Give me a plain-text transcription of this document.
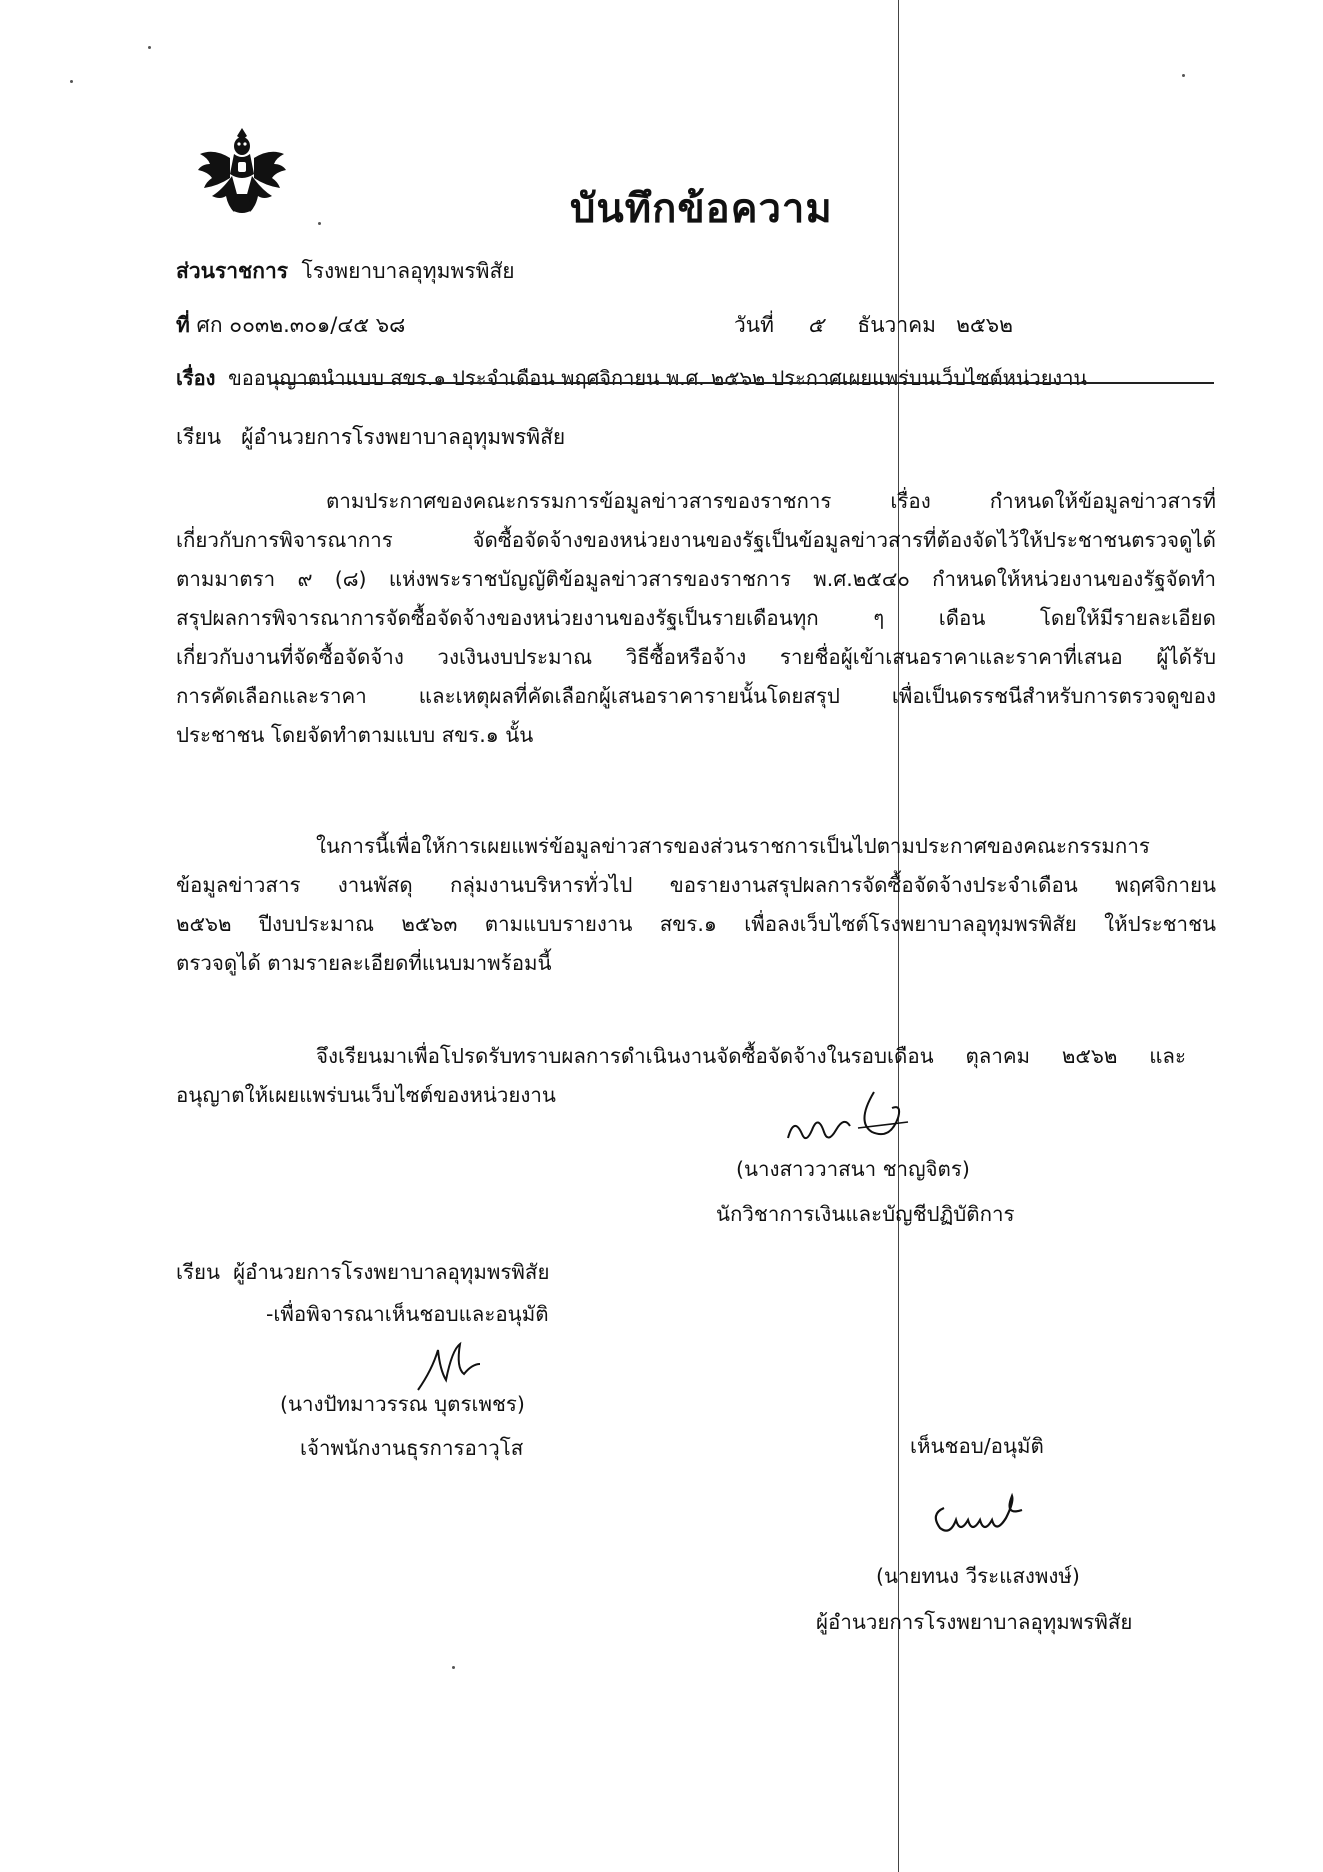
บันทึกข้อความ
ส่วนราชการ โรงพยาบาลอุทุมพรพิสัย
ที่ ศก ๐๐๓๒.๓๐๑/๔๕ ๖๘	วันที่ ๕ ธันวาคม ๒๕๖๒
เรื่อง ขออนุญาตนำแบบ สขร.๑ ประจำเดือน พฤศจิกายน พ.ศ. ๒๕๖๒ ประกาศเผยแพร่บนเว็บไซต์หน่วยงาน
เรียน ผู้อำนวยการโรงพยาบาลอุทุมพรพิสัย

ตามประกาศของคณะกรรมการข้อมูลข่าวสารของราชการ เรื่อง กำหนดให้ข้อมูลข่าวสารที่

เกี่ยวกับการพิจารณาการ จัดซื้อจัดจ้างของหน่วยงานของรัฐเป็นข้อมูลข่าวสารที่ต้องจัดไว้ให้ประชาชนตรวจดูได้

ตามมาตรา ๙ (๘) แห่งพระราชบัญญัติข้อมูลข่าวสารของราชการ พ.ศ.๒๕๔๐ กำหนดให้หน่วยงานของรัฐจัดทำ

สรุปผลการพิจารณาการจัดซื้อจัดจ้างของหน่วยงานของรัฐเป็นรายเดือนทุก ๆ เดือน โดยให้มีรายละเอียด

เกี่ยวกับงานที่จัดซื้อจัดจ้าง วงเงินงบประมาณ วิธีซื้อหรือจ้าง รายชื่อผู้เข้าเสนอราคาและราคาที่เสนอ ผู้ได้รับ

การคัดเลือกและราคา และเหตุผลที่คัดเลือกผู้เสนอราคารายนั้นโดยสรุป เพื่อเป็นดรรชนีสำหรับการตรวจดูของ

ประชาชน โดยจัดทำตามแบบ สขร.๑ นั้น

ในการนี้เพื่อให้การเผยแพร่ข้อมูลข่าวสารของส่วนราชการเป็นไปตามประกาศของคณะกรรมการ

ข้อมูลข่าวสาร งานพัสดุ กลุ่มงานบริหารทั่วไป ขอรายงานสรุปผลการจัดซื้อจัดจ้างประจำเดือน พฤศจิกายน

๒๕๖๒ ปีงบประมาณ ๒๕๖๓ ตามแบบรายงาน สขร.๑ เพื่อลงเว็บไซต์โรงพยาบาลอุทุมพรพิสัย ให้ประชาชน

ตรวจดูได้ ตามรายละเอียดที่แนบมาพร้อมนี้

จึงเรียนมาเพื่อโปรดรับทราบผลการดำเนินงานจัดซื้อจัดจ้างในรอบเดือน ตุลาคม ๒๕๖๒ และ

อนุญาตให้เผยแพร่บนเว็บไซต์ของหน่วยงาน

(นางสาววาสนา ชาญจิตร)
นักวิชาการเงินและบัญชีปฏิบัติการ
เรียน ผู้อำนวยการโรงพยาบาลอุทุมพรพิสัย
-เพื่อพิจารณาเห็นชอบและอนุมัติ
(นางปัทมาวรรณ บุตรเพชร)
เจ้าพนักงานธุรการอาวุโส	เห็นชอบ/อนุมัติ
(นายทนง วีระแสงพงษ์)
ผู้อำนวยการโรงพยาบาลอุทุมพรพิสัย
